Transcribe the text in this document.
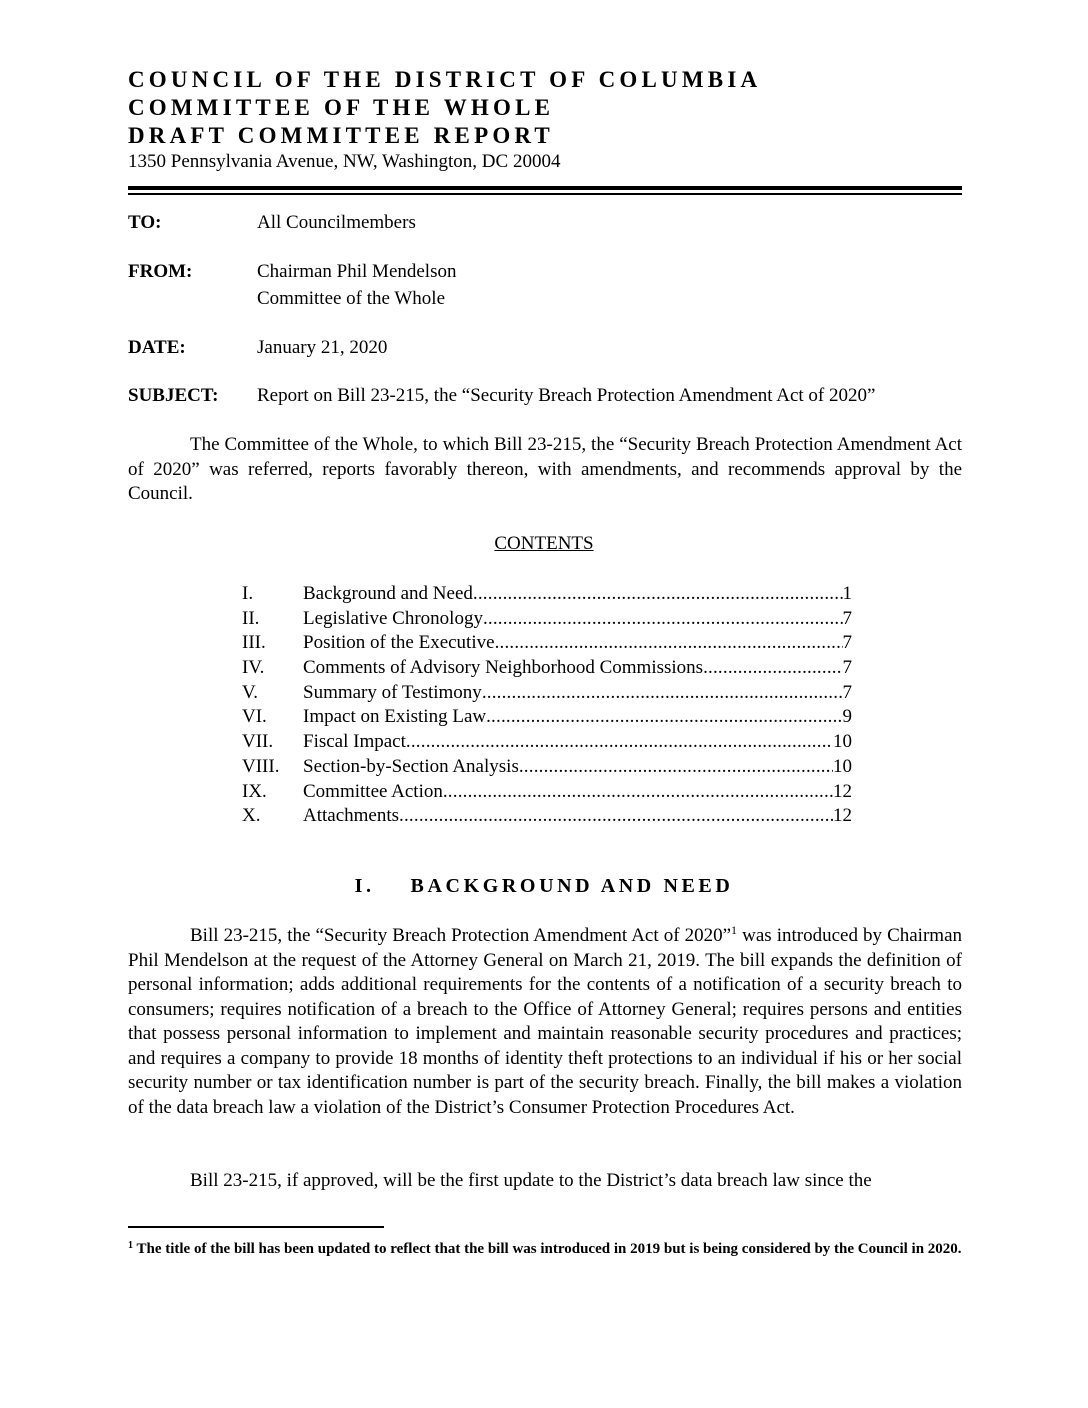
COUNCIL OF THE DISTRICT OF COLUMBIA
COMMITTEE OF THE WHOLE
DRAFT COMMITTEE REPORT
1350 Pennsylvania Avenue, NW, Washington, DC 20004
TO:	All Councilmembers
FROM:	Chairman Phil Mendelson
Committee of the Whole
DATE:	January 21, 2020
SUBJECT: Report on Bill 23-215, the “Security Breach Protection Amendment Act of 2020”
The Committee of the Whole, to which Bill 23-215, the “Security Breach Protection Amendment Act of 2020” was referred, reports favorably thereon, with amendments, and recommends approval by the Council.
CONTENTS
I.	Background and Need .....	1
II.	Legislative Chronology .....	7
III.	Position of the Executive .....	7
IV.	Comments of Advisory Neighborhood Commissions .....	7
V.	Summary of Testimony .....	7
VI.	Impact on Existing Law .....	9
VII.	Fiscal Impact .....	10
VIII.	Section-by-Section Analysis .....	10
IX.	Committee Action .....	12
X.	Attachments .....	12
I. BACKGROUND AND NEED
Bill 23-215, the “Security Breach Protection Amendment Act of 2020”$^1$ was introduced by Chairman Phil Mendelson at the request of the Attorney General on March 21, 2019. The bill expands the definition of personal information; adds additional requirements for the contents of a notification of a security breach to consumers; requires notification of a breach to the Office of Attorney General; requires persons and entities that possess personal information to implement and maintain reasonable security procedures and practices; and requires a company to provide 18 months of identity theft protections to an individual if his or her social security number or tax identification number is part of the security breach. Finally, the bill makes a violation of the data breach law a violation of the District’s Consumer Protection Procedures Act.
Bill 23-215, if approved, will be the first update to the District’s data breach law since the
$^1$ The title of the bill has been updated to reflect that the bill was introduced in 2019 but is being considered by the Council in 2020.
